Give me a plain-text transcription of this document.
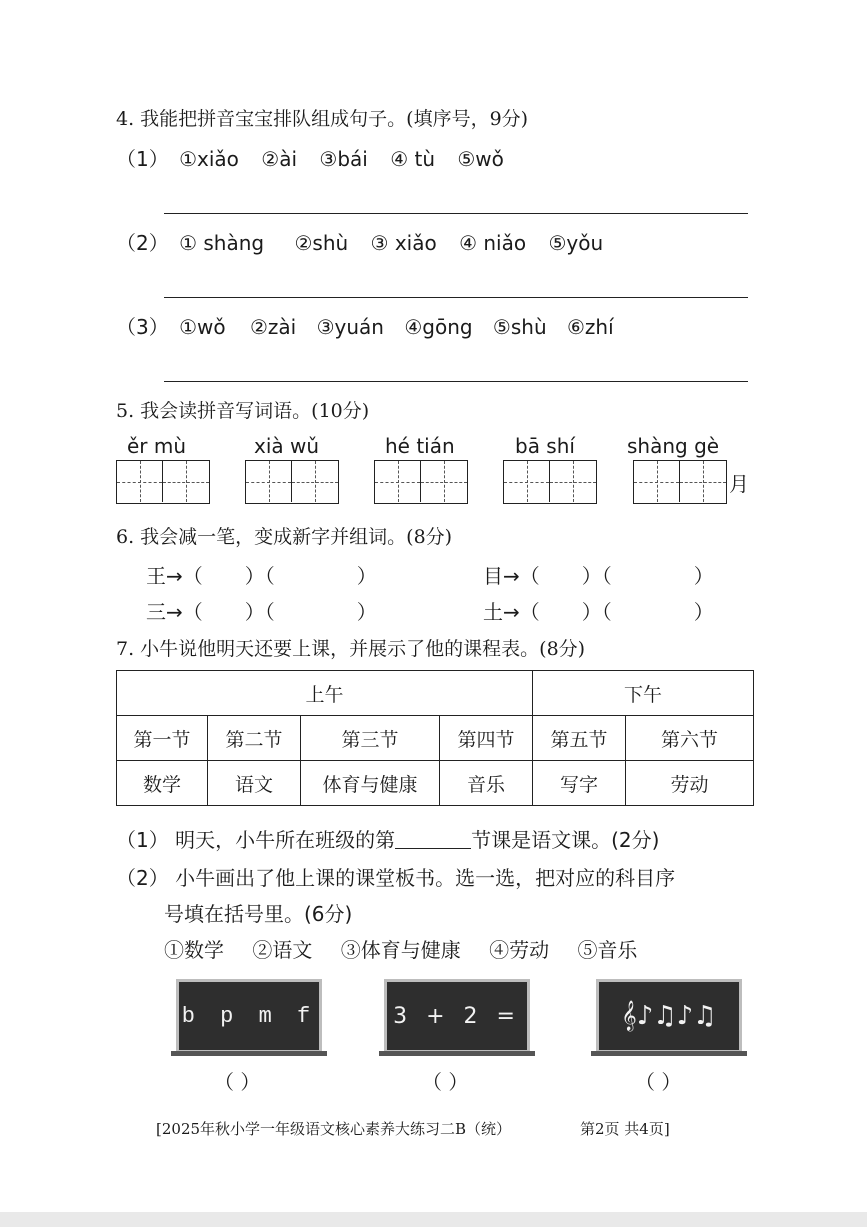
4. 我能把拼音宝宝排队组成句子。(填序号，9分)
（1） ①xiǎo ②ài ③bái ④ tù ⑤wǒ
（2） ① shàng ②shù ③ xiǎo ④ niǎo ⑤yǒu
（3） ①wǒ ②zài ③yuán ④gōng ⑤shù ⑥zhí
5. 我会读拼音写词语。(10分)
ěr mù	xià wǔ	hé tián	bā shí	shàng gè
月
6. 我会减一笔，变成新字并组词。(8分)
王→（ ）（	）	目→（ ）（	）
三→（ ）（	）	土→（ ）（	）
7. 小牛说他明天还要上课，并展示了他的课程表。(8分)
上午				下午	
第一节	第二节	第三节	第四节	第五节	第六节
数学	语文	体育与健康	音乐	写字	劳动
（1） 明天，小牛所在班级的第	节课是语文课。(2分)
（2） 小牛画出了他上课的课堂板书。选一选，把对应的科目序
号填在括号里。(6分)
①数学 ②语文 ③体育与健康 ④劳动 ⑤音乐
b p m f
（ ）
3 + 2 =
（ ）
𝄞♪♫♪♫
（ ）
[2025年秋小学一年级语文核心素养大练习二B（统）	第2页 共4页]
